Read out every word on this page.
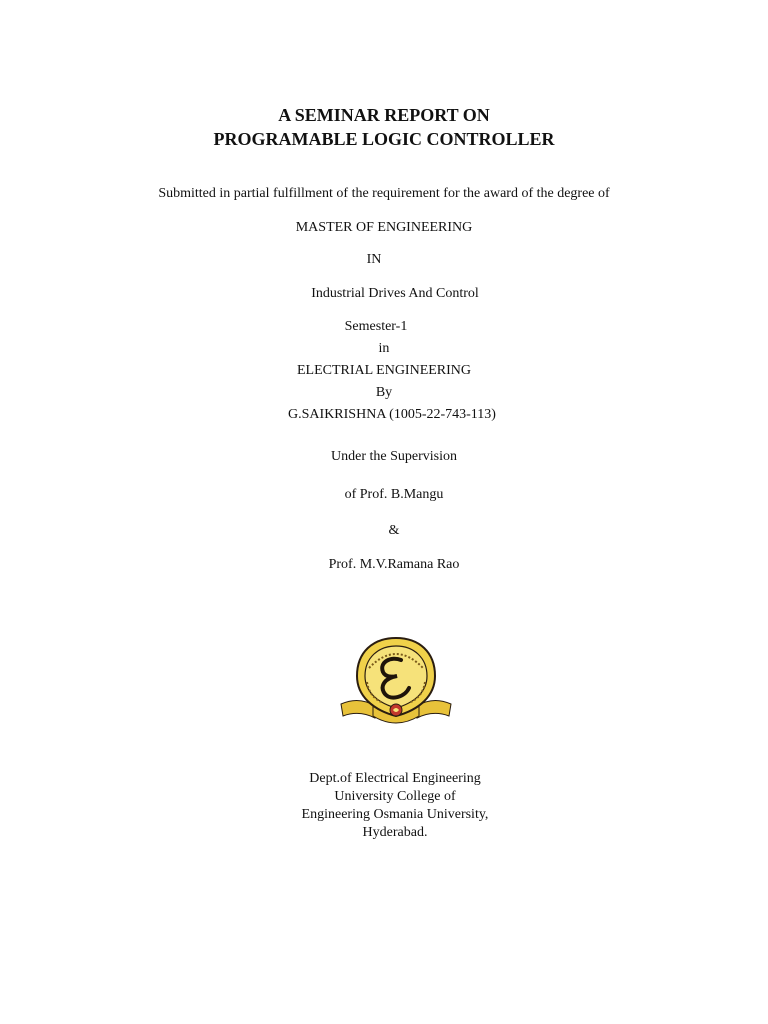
A SEMINAR REPORT ON
PROGRAMABLE LOGIC CONTROLLER
Submitted in partial fulfillment of the requirement for the award of the degree of
MASTER OF ENGINEERING
IN
Industrial Drives And Control
Semester-1
in
ELECTRIAL ENGINEERING
By
G.SAIKRISHNA (1005-22-743-113)
Under the Supervision
of Prof. B.Mangu
&
Prof. M.V.Ramana Rao
Dept.of Electrical Engineering
University College of
Engineering Osmania University,
Hyderabad.
